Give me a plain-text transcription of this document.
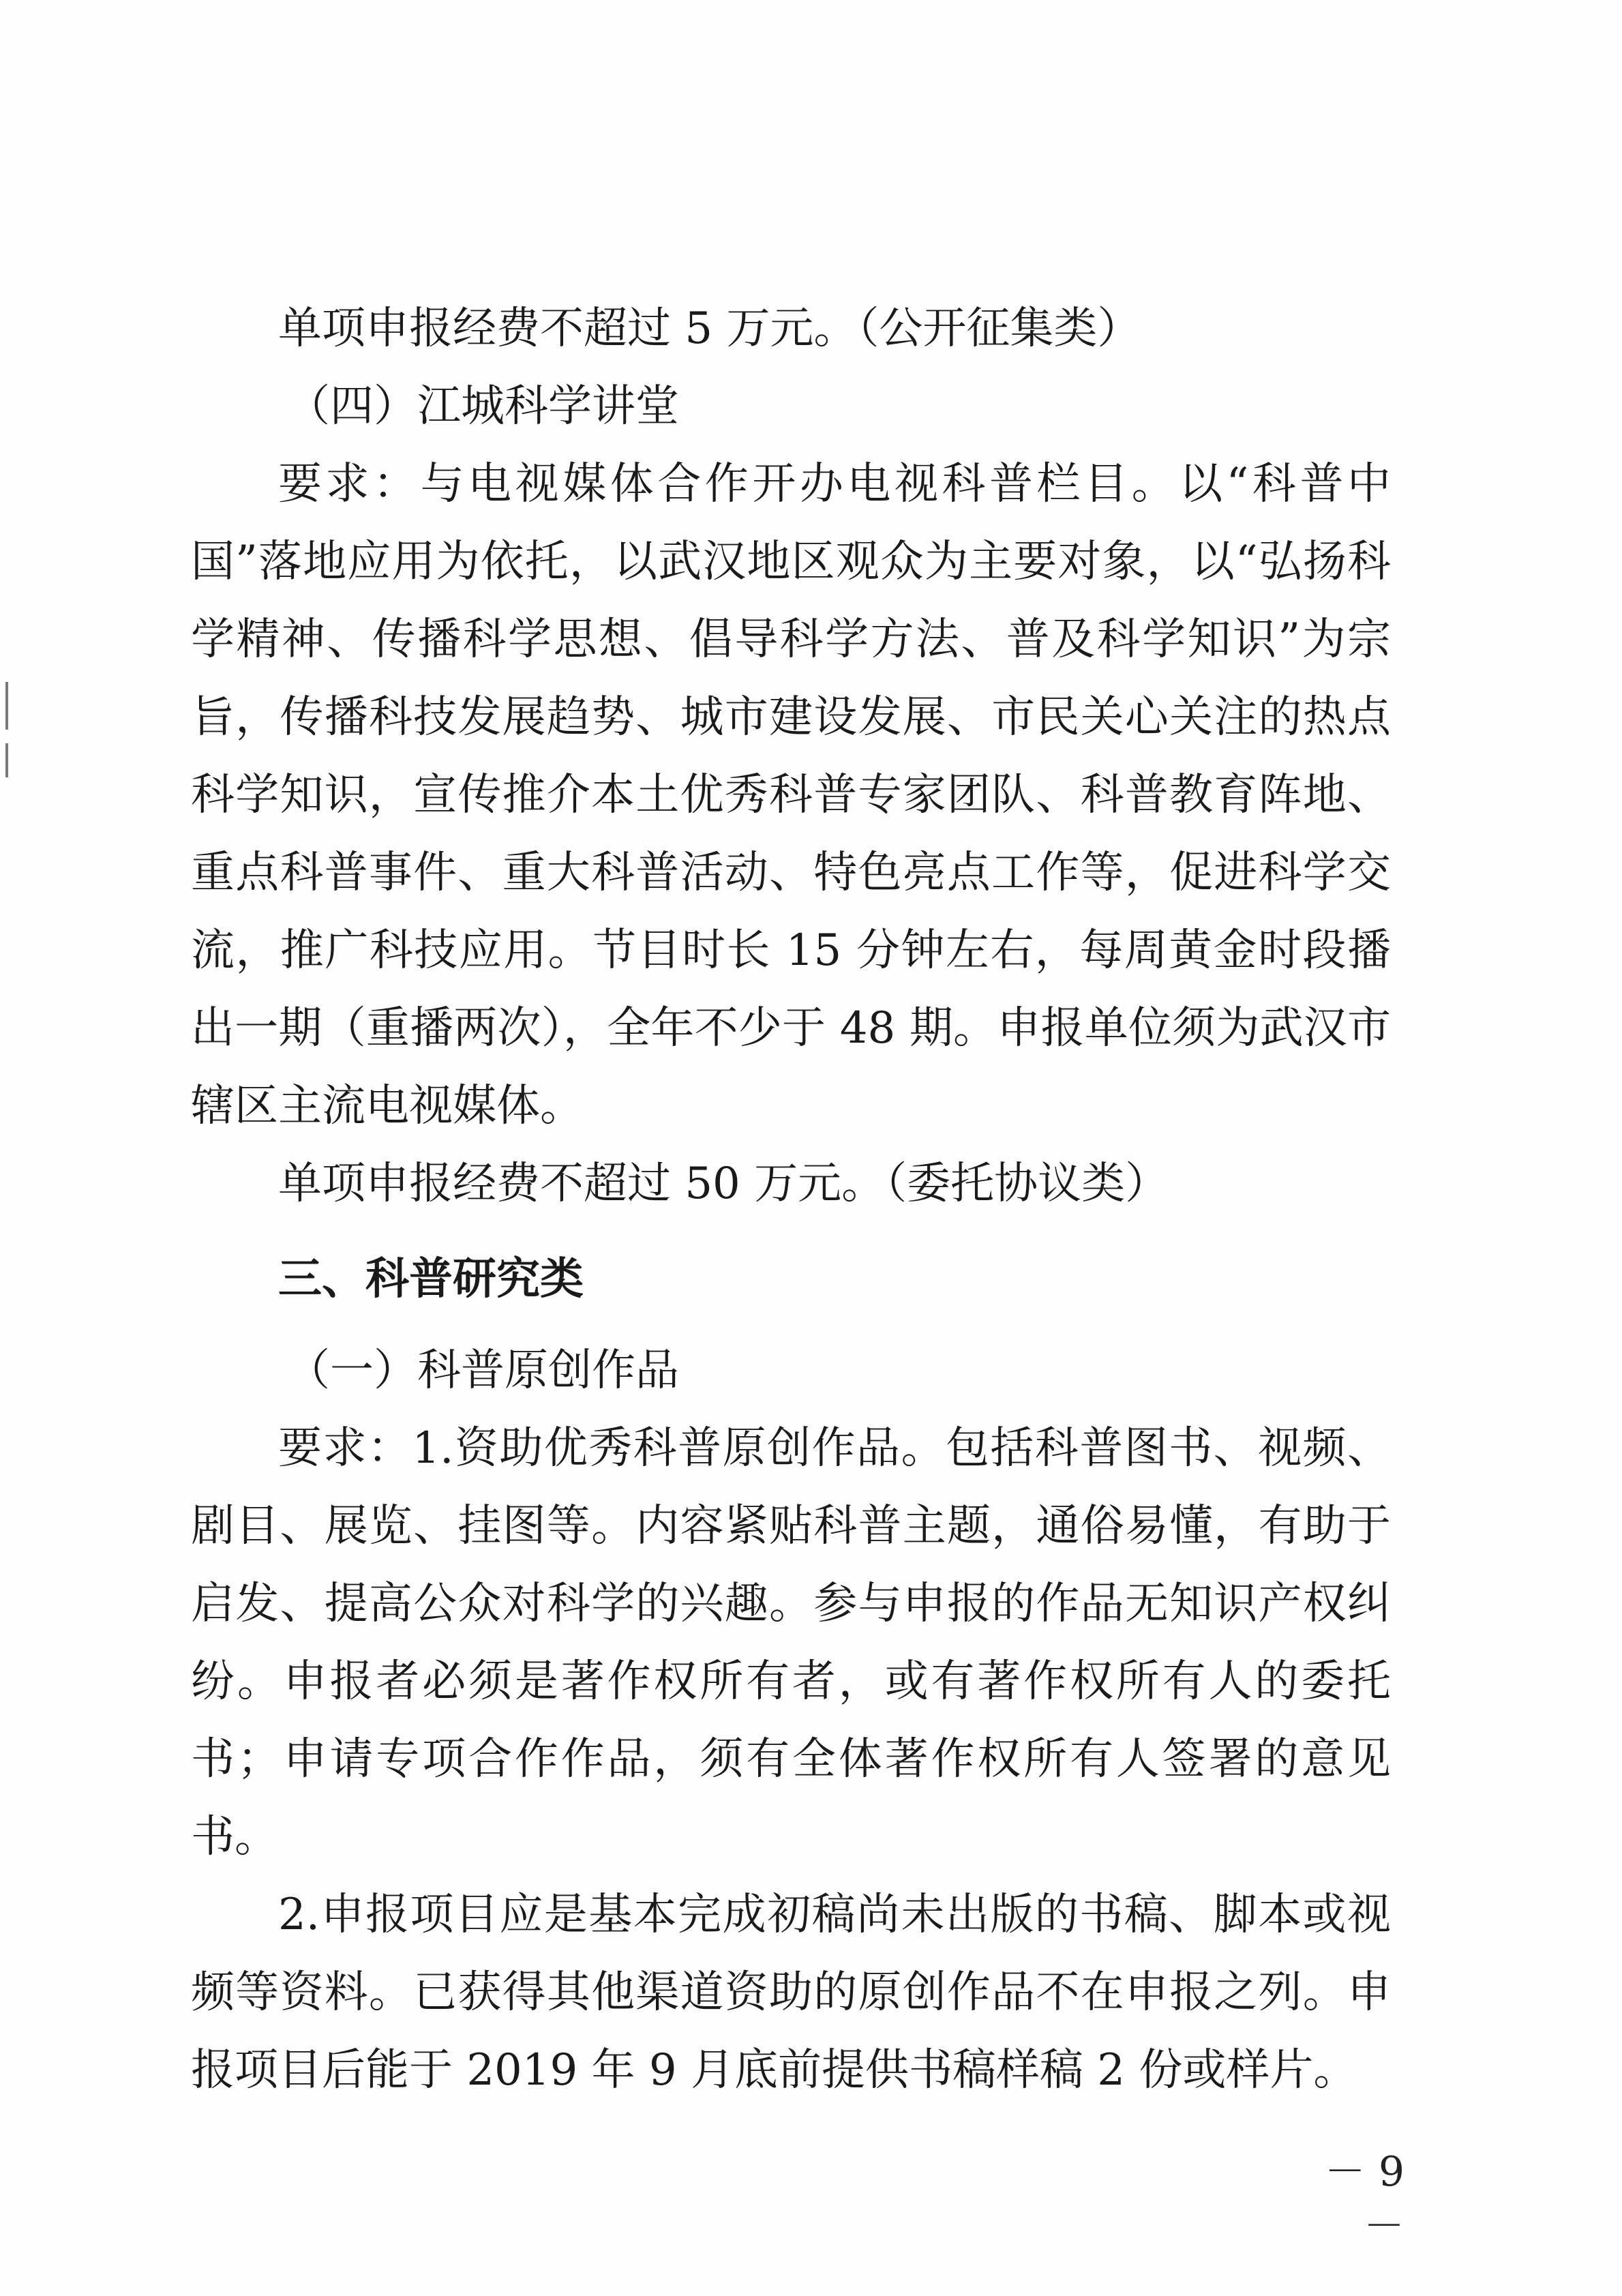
单项申报经费不超过 5 万元。（公开征集类）

（四）江城科学讲堂

要求：与电视媒体合作开办电视科普栏目。以“科普中国”落地应用为依托，以武汉地区观众为主要对象，以“弘扬科学精神、传播科学思想、倡导科学方法、普及科学知识”为宗旨，传播科技发展趋势、城市建设发展、市民关心关注的热点科学知识，宣传推介本土优秀科普专家团队、科普教育阵地、重点科普事件、重大科普活动、特色亮点工作等，促进科学交流，推广科技应用。节目时长 15 分钟左右，每周黄金时段播出一期（重播两次），全年不少于 48 期。申报单位须为武汉市辖区主流电视媒体。

单项申报经费不超过 50 万元。（委托协议类）

三、科普研究类

（一）科普原创作品

要求：1.资助优秀科普原创作品。包括科普图书、视频、剧目、展览、挂图等。内容紧贴科普主题，通俗易懂，有助于启发、提高公众对科学的兴趣。参与申报的作品无知识产权纠纷。申报者必须是著作权所有者，或有著作权所有人的委托书；申请专项合作作品，须有全体著作权所有人签署的意见书。

2.申报项目应是基本完成初稿尚未出版的书稿、脚本或视频等资料。已获得其他渠道资助的原创作品不在申报之列。申报项目后能于 2019 年 9 月底前提供书稿样稿 2 份或样片。

－ 9 －
